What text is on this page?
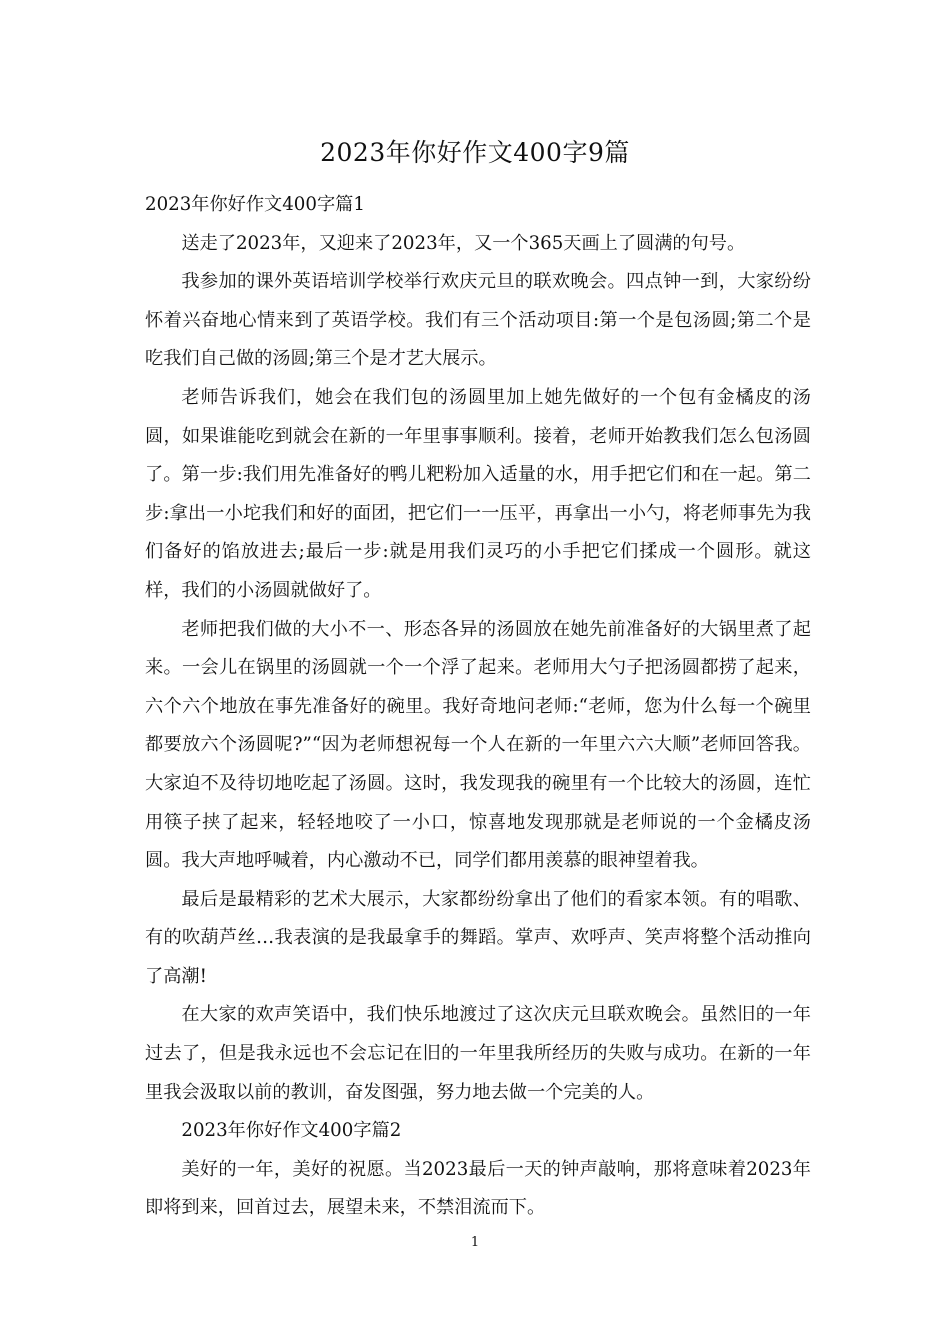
2023年你好作文400字9篇

2023年你好作文400字篇1

送走了2023年，又迎来了2023年，又一个365天画上了圆满的句号。

我参加的课外英语培训学校举行欢庆元旦的联欢晚会。四点钟一到，大家纷纷怀着兴奋地心情来到了英语学校。我们有三个活动项目:第一个是包汤圆;第二个是吃我们自己做的汤圆;第三个是才艺大展示。

老师告诉我们，她会在我们包的汤圆里加上她先做好的一个包有金橘皮的汤圆，如果谁能吃到就会在新的一年里事事顺利。接着，老师开始教我们怎么包汤圆了。第一步:我们用先准备好的鸭儿粑粉加入适量的水，用手把它们和在一起。第二步:拿出一小坨我们和好的面团，把它们一一压平，再拿出一小勺，将老师事先为我们备好的馅放进去;最后一步:就是用我们灵巧的小手把它们揉成一个圆形。就这样，我们的小汤圆就做好了。

老师把我们做的大小不一、形态各异的汤圆放在她先前准备好的大锅里煮了起来。一会儿在锅里的汤圆就一个一个浮了起来。老师用大勺子把汤圆都捞了起来，六个六个地放在事先准备好的碗里。我好奇地问老师:“老师，您为什么每一个碗里都要放六个汤圆呢?”“因为老师想祝每一个人在新的一年里六六大顺”老师回答我。大家迫不及待切地吃起了汤圆。这时，我发现我的碗里有一个比较大的汤圆，连忙用筷子挟了起来，轻轻地咬了一小口，惊喜地发现那就是老师说的一个金橘皮汤圆。我大声地呼喊着，内心激动不已，同学们都用羡慕的眼神望着我。

最后是最精彩的艺术大展示，大家都纷纷拿出了他们的看家本领。有的唱歌、有的吹葫芦丝…我表演的是我最拿手的舞蹈。掌声、欢呼声、笑声将整个活动推向了高潮!

在大家的欢声笑语中，我们快乐地渡过了这次庆元旦联欢晚会。虽然旧的一年过去了，但是我永远也不会忘记在旧的一年里我所经历的失败与成功。在新的一年里我会汲取以前的教训，奋发图强，努力地去做一个完美的人。

2023年你好作文400字篇2

美好的一年，美好的祝愿。当2023最后一天的钟声敲响，那将意味着2023年即将到来，回首过去，展望未来，不禁泪流而下。

1
